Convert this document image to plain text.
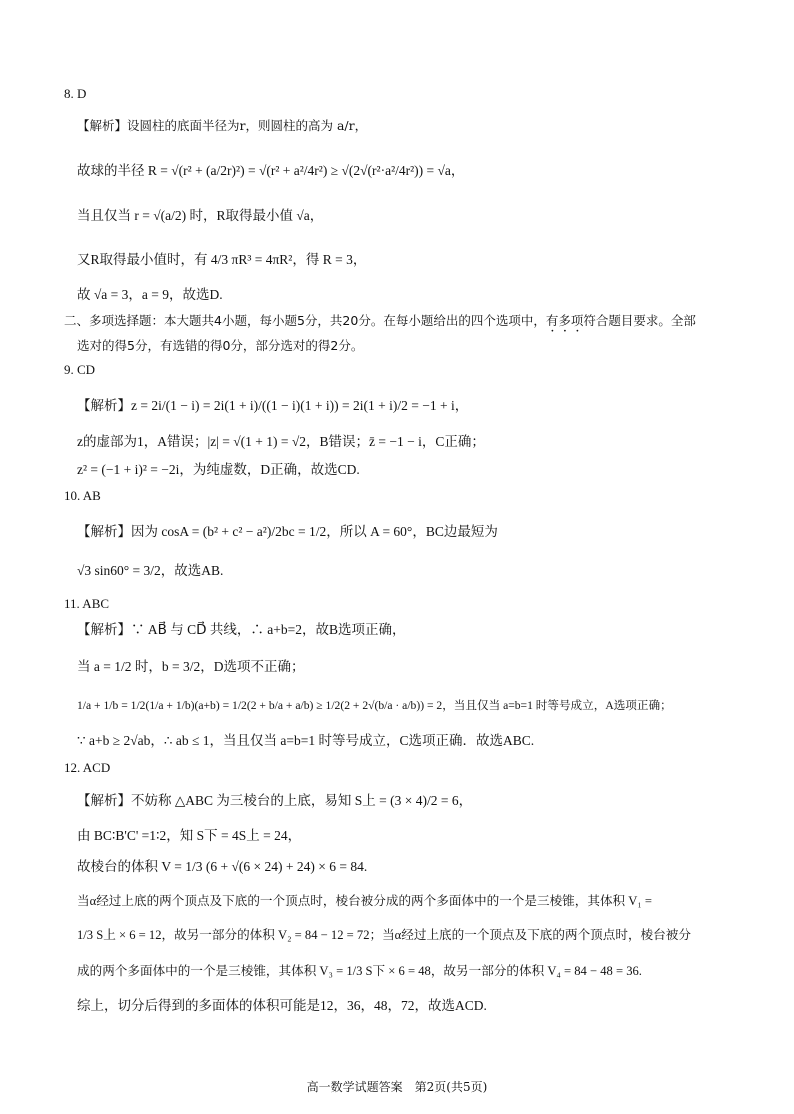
8. D
【解析】设圆柱的底面半径为r，则圆柱的高为 a/r，
故球的半径 R = √(r² + (a/2r)²) = √(r² + a²/4r²) ≥ √(2√(r²·a²/4r²)) = √a，
当且仅当 r = √(a/2) 时，R取得最小值 √a，
又R取得最小值时，有 4/3 πR³ = 4πR²，得 R = 3，
故 √a = 3，a = 9，故选D.
二、多项选择题：本大题共4小题，每小题5分，共20分。在每小题给出的四个选项中，有多项符合题目要求。全部
选对的得5分，有选错的得0分，部分选对的得2分。
9. CD
【解析】z = 2i/(1 − i) = 2i(1 + i)/((1 − i)(1 + i)) = 2i(1 + i)/2 = −1 + i，
z的虚部为1，A错误；|z| = √(1 + 1) = √2，B错误；z̄ = −1 − i，C正确；
z² = (−1 + i)² = −2i，为纯虚数，D正确，故选CD.
10. AB
【解析】因为 cosA = (b² + c² − a²)/2bc = 1/2，所以 A = 60°，BC边最短为
√3 sin60° = 3/2，故选AB.
11. ABC
【解析】∵ AB⃗ 与 CD⃗ 共线，∴ a+b=2，故B选项正确，
当 a = 1/2 时，b = 3/2，D选项不正确；
1/a + 1/b = 1/2(1/a + 1/b)(a+b) = 1/2(2 + b/a + a/b) ≥ 1/2(2 + 2√(b/a · a/b)) = 2，当且仅当 a=b=1 时等号成立，A选项正确；
∵ a+b ≥ 2√ab，∴ ab ≤ 1，当且仅当 a=b=1 时等号成立，C选项正确．故选ABC.
12. ACD
【解析】不妨称 △ABC 为三棱台的上底，易知 S上 = (3 × 4)/2 = 6，
由 BC∶B'C' =1∶2，知 S下 = 4S上 = 24，
故棱台的体积 V = 1/3 (6 + √(6 × 24) + 24) × 6 = 84.
当α经过上底的两个顶点及下底的一个顶点时，棱台被分成的两个多面体中的一个是三棱锥，其体积 V₁ =
1/3 S上 × 6 = 12，故另一部分的体积 V₂ = 84 − 12 = 72；当α经过上底的一个顶点及下底的两个顶点时，棱台被分
成的两个多面体中的一个是三棱锥，其体积 V₃ = 1/3 S下 × 6 = 48，故另一部分的体积 V₄ = 84 − 48 = 36.
综上，切分后得到的多面体的体积可能是12，36，48，72，故选ACD.
高一数学试题答案　第2页(共5页)
